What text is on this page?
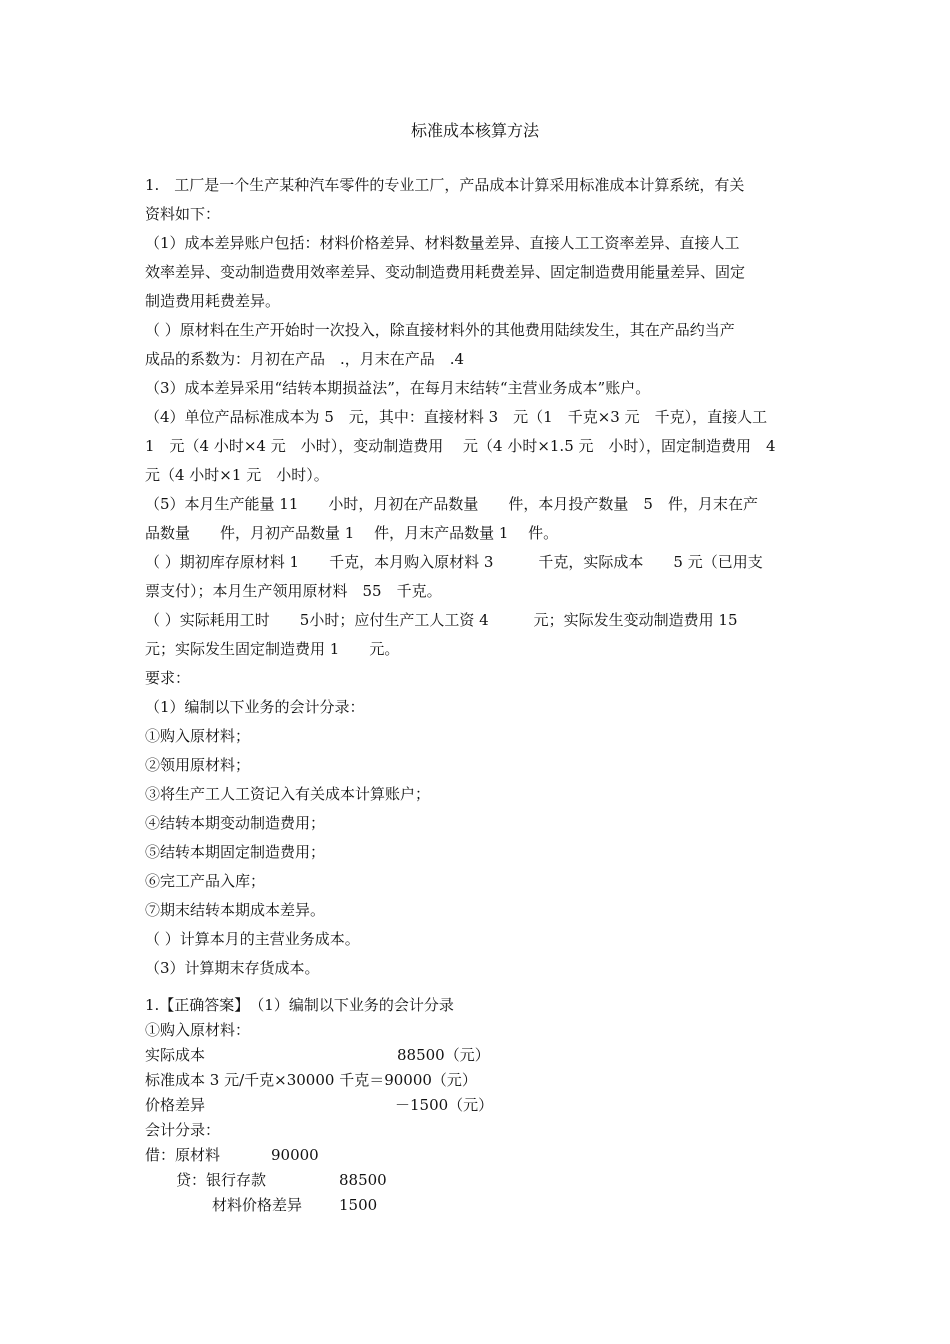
标准成本核算方法
1.　工厂是一个生产某种汽车零件的专业工厂，产品成本计算采用标准成本计算系统，有关
资料如下：
（1）成本差异账户包括：材料价格差异、材料数量差异、直接人工工资率差异、直接人工
效率差异、变动制造费用效率差异、变动制造费用耗费差异、固定制造费用能量差异、固定
制造费用耗费差异。
（ ）原材料在生产开始时一次投入，除直接材料外的其他费用陆续发生，其在产品约当产
成品的系数为：月初在产品　.，月末在产品　.4
（3）成本差异采用“结转本期损益法”，在每月末结转“主营业务成本”账户。
（4）单位产品标准成本为 5　元，其中：直接材料 3　元（1　千克×3 元　千克），直接人工
1　元（4 小时×4 元　小时），变动制造费用　 元（4 小时×1.5 元　小时），固定制造费用　4
元（4 小时×1 元　小时）。
（5）本月生产能量 11　　小时，月初在产品数量　　件，本月投产数量　5　件，月末在产
品数量　　件，月初产品数量 1　 件，月末产品数量 1　 件。
（ ）期初库存原材料 1　　千克，本月购入原材料 3　　　千克，实际成本　　5 元（已用支
票支付）；本月生产领用原材料　55　千克。
（ ）实际耗用工时　　5小时；应付生产工人工资 4　　　元；实际发生变动制造费用 15
元；实际发生固定制造费用 1　　元。
要求：
（1）编制以下业务的会计分录：
①购入原材料；
②领用原材料；
③将生产工人工资记入有关成本计算账户；
④结转本期变动制造费用；
⑤结转本期固定制造费用；
⑥完工产品入库；
⑦期末结转本期成本差异。
（ ）计算本月的主营业务成本。
（3）计算期末存货成本。
1.【正确答案】　（1）编制以下业务的会计分录
①购入原材料：
实际成本	88500（元）
标准成本 3 元/千克×30000 千克＝90000（元）
价格差异	－1500（元）
会计分录：
借：原材料	90000
贷：银行存款	88500
材料价格差异 1500
